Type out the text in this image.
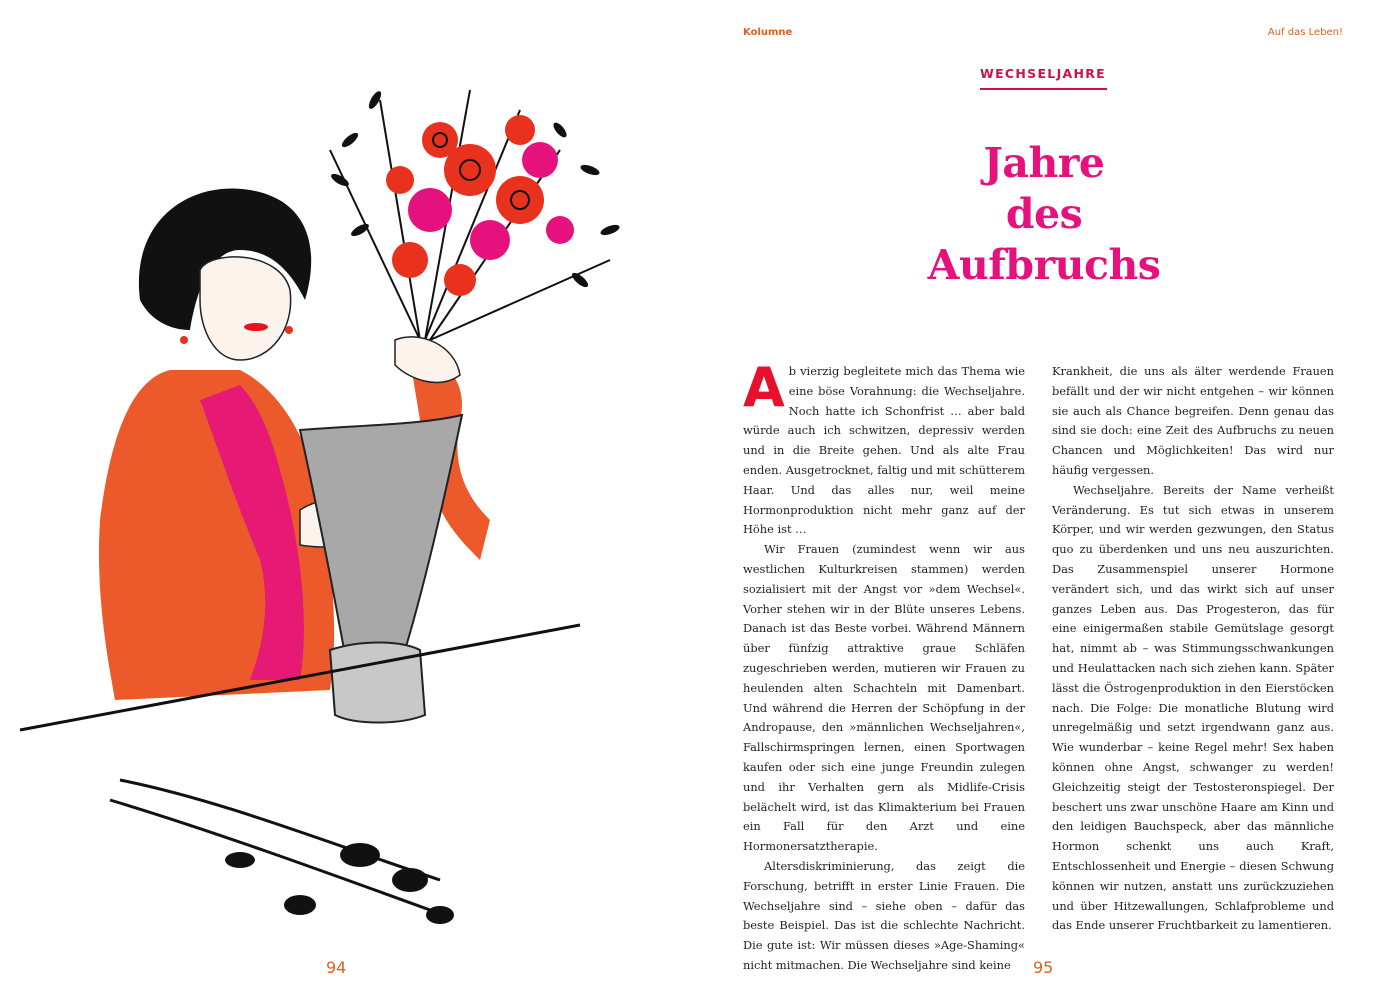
94
Kolumne	Auf das Leben!
WECHSELJAHRE
Jahre
des
Aufbruchs

Ab vierzig begleitete mich das Thema wie eine böse Vorahnung: die Wechseljahre. Noch hatte ich Schonfrist … aber bald würde auch ich schwitzen, depressiv werden und in die Breite gehen. Und als alte Frau enden. Ausgetrocknet, faltig und mit schütterem Haar. Und das alles nur, weil meine Hormonproduktion nicht mehr ganz auf der Höhe ist …

Wir Frauen (zumindest wenn wir aus westlichen Kulturkreisen stammen) werden sozialisiert mit der Angst vor »dem Wechsel«. Vorher stehen wir in der Blüte unseres Lebens. Danach ist das Beste vorbei. Während Männern über fünfzig attraktive graue Schläfen zugeschrieben werden, mutieren wir Frauen zu heulenden alten Schachteln mit Damenbart. Und während die Herren der Schöpfung in der Andropause, den »männlichen Wechseljahren«, Fallschirmspringen lernen, einen Sportwagen kaufen oder sich eine junge Freundin zulegen und ihr Verhalten gern als Midlife-Crisis belächelt wird, ist das Klimakterium bei Frauen ein Fall für den Arzt und eine Hormonersatztherapie.

Altersdiskriminierung, das zeigt die Forschung, betrifft in erster Linie Frauen. Die Wechseljahre sind – siehe oben – dafür das beste Beispiel. Das ist die schlechte Nachricht. Die gute ist: Wir müssen dieses »Age-Shaming« nicht mitmachen. Die Wechseljahre sind keine

Krankheit, die uns als älter werdende Frauen befällt und der wir nicht entgehen – wir können sie auch als Chance begreifen. Denn genau das sind sie doch: eine Zeit des Aufbruchs zu neuen Chancen und Möglichkeiten! Das wird nur häufig vergessen.

Wechseljahre. Bereits der Name verheißt Veränderung. Es tut sich etwas in unserem Körper, und wir werden gezwungen, den Status quo zu überdenken und uns neu auszurichten. Das Zusammenspiel unserer Hormone verändert sich, und das wirkt sich auf unser ganzes Leben aus. Das Progesteron, das für eine einigermaßen stabile Gemütslage gesorgt hat, nimmt ab – was Stimmungsschwankungen und Heulattacken nach sich ziehen kann. Später lässt die Östrogenproduktion in den Eierstöcken nach. Die Folge: Die monatliche Blutung wird unregelmäßig und setzt irgendwann ganz aus. Wie wunderbar – keine Regel mehr! Sex haben können ohne Angst, schwanger zu werden! Gleichzeitig steigt der Testosteronspiegel. Der beschert uns zwar unschöne Haare am Kinn und den leidigen Bauchspeck, aber das männliche Hormon schenkt uns auch Kraft, Entschlossenheit und Energie – diesen Schwung können wir nutzen, anstatt uns zurückzuziehen und über Hitzewallungen, Schlafprobleme und das Ende unserer Fruchtbarkeit zu lamentieren.

95
